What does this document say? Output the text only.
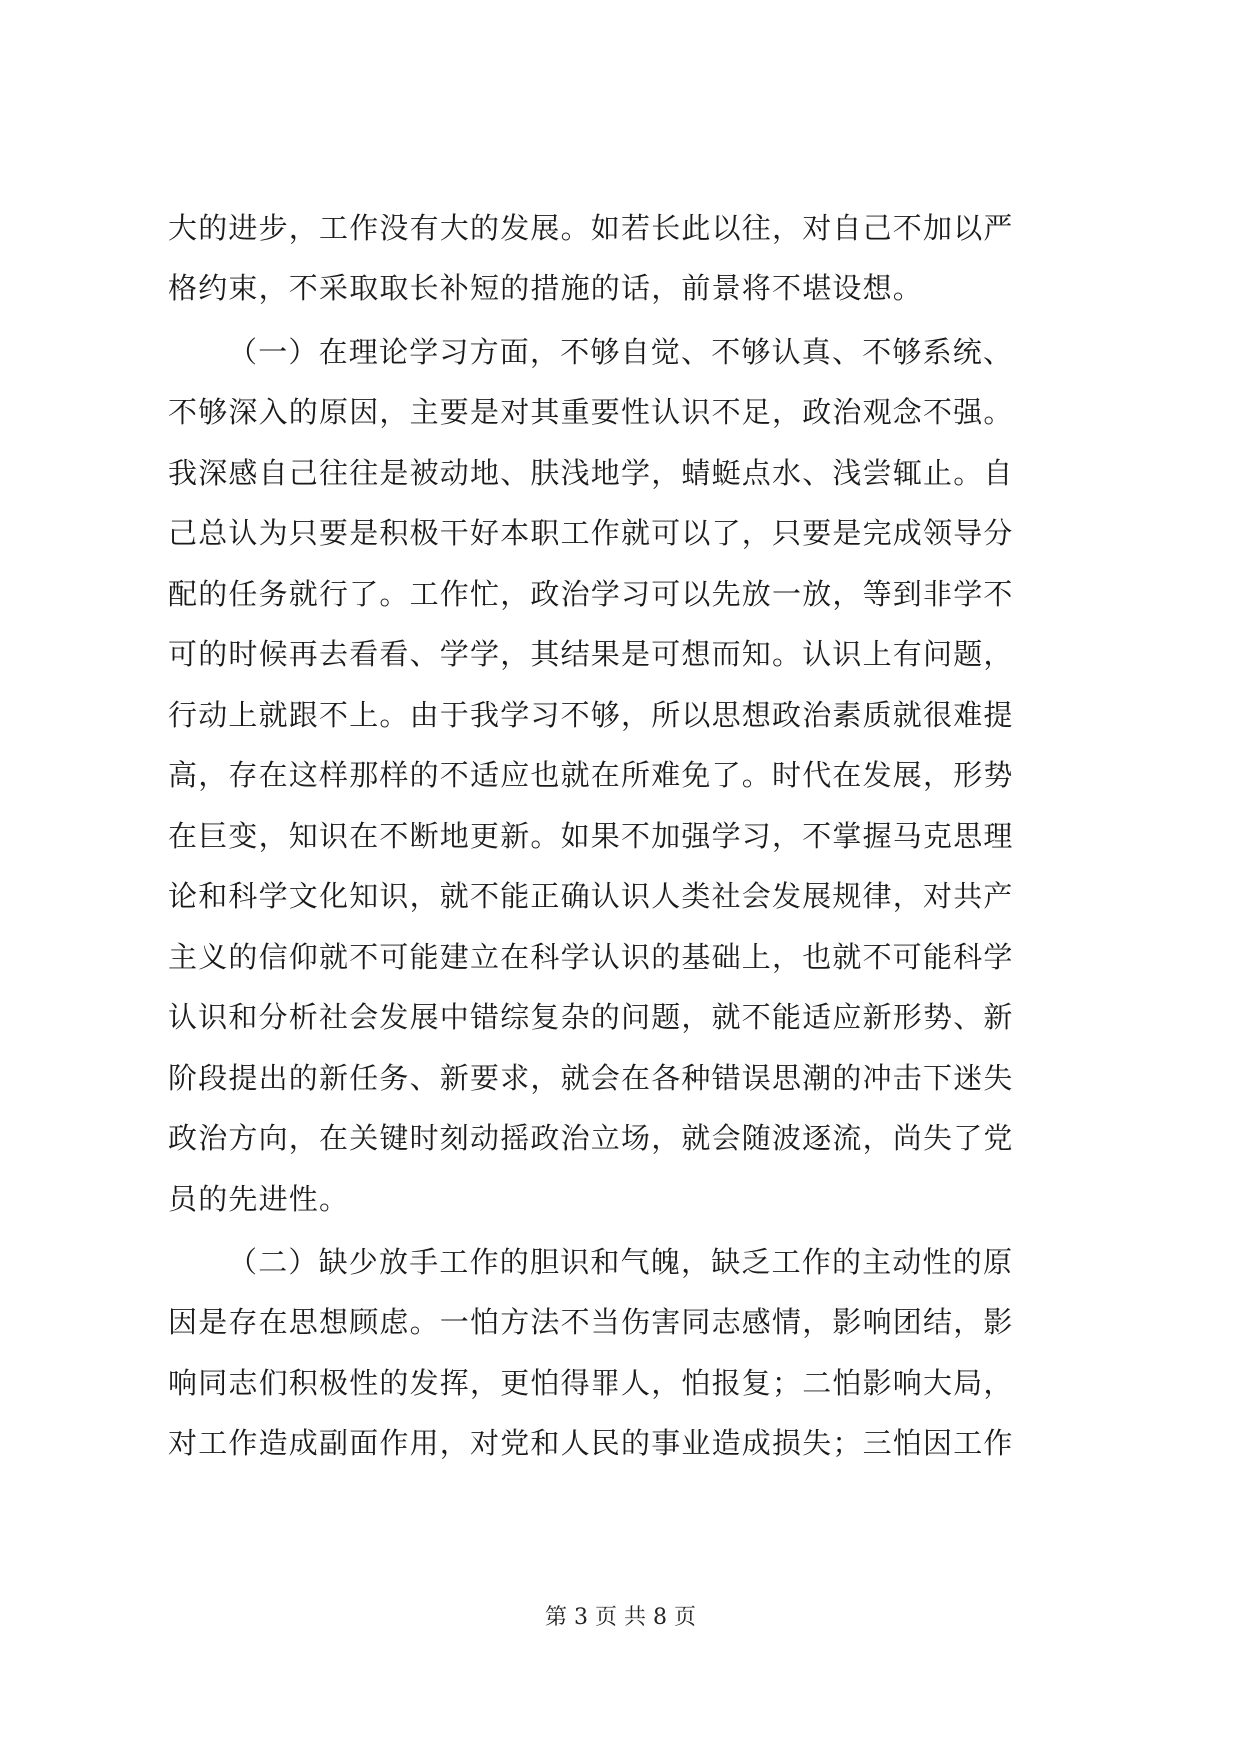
大的进步，工作没有大的发展。如若长此以往，对自己不加以严
格约束，不采取取长补短的措施的话，前景将不堪设想。
（一）在理论学习方面，不够自觉、不够认真、不够系统、
不够深入的原因，主要是对其重要性认识不足，政治观念不强。
我深感自己往往是被动地、肤浅地学，蜻蜓点水、浅尝辄止。自
己总认为只要是积极干好本职工作就可以了，只要是完成领导分
配的任务就行了。工作忙，政治学习可以先放一放，等到非学不
可的时候再去看看、学学，其结果是可想而知。认识上有问题，
行动上就跟不上。由于我学习不够，所以思想政治素质就很难提
高，存在这样那样的不适应也就在所难免了。时代在发展，形势
在巨变，知识在不断地更新。如果不加强学习，不掌握马克思理
论和科学文化知识，就不能正确认识人类社会发展规律，对共产
主义的信仰就不可能建立在科学认识的基础上，也就不可能科学
认识和分析社会发展中错综复杂的问题，就不能适应新形势、新
阶段提出的新任务、新要求，就会在各种错误思潮的冲击下迷失
政治方向，在关键时刻动摇政治立场，就会随波逐流，尚失了党
员的先进性。
（二）缺少放手工作的胆识和气魄，缺乏工作的主动性的原
因是存在思想顾虑。一怕方法不当伤害同志感情，影响团结，影
响同志们积极性的发挥，更怕得罪人，怕报复；二怕影响大局，
对工作造成副面作用，对党和人民的事业造成损失；三怕因工作
第 3 页 共 8 页
